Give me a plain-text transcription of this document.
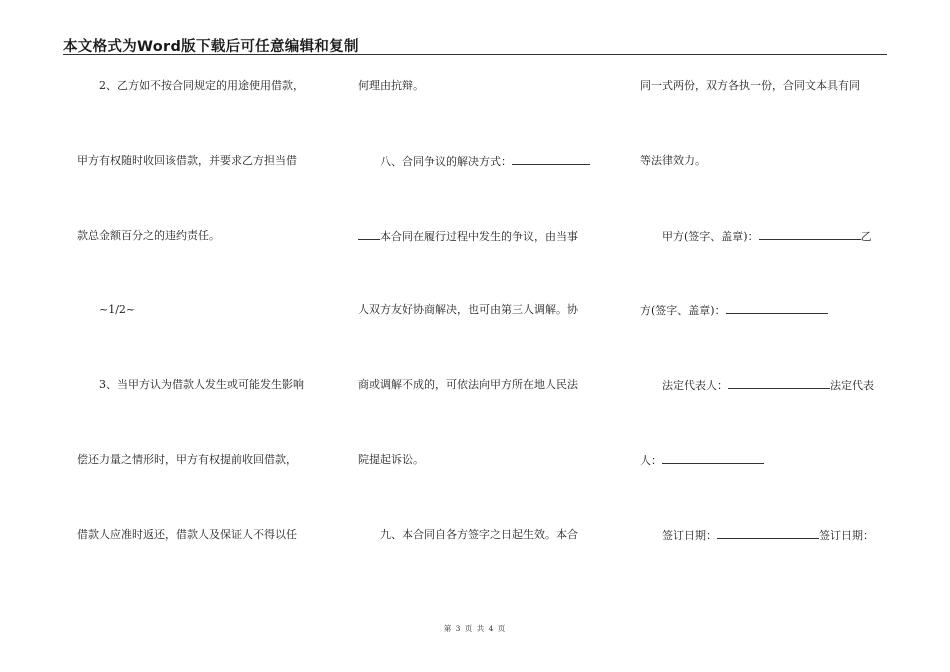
本文格式为Word版下载后可任意编辑和复制
2、乙方如不按合同规定的用途使用借款，
甲方有权随时收回该借款，并要求乙方担当借
款总金额百分之的违约责任。
~1/2~
3、当甲方认为借款人发生或可能发生影响
偿还力量之情形时，甲方有权提前收回借款，
借款人应准时返还，借款人及保证人不得以任
何理由抗辩。
八、合同争议的解决方式：
本合同在履行过程中发生的争议，由当事
人双方友好协商解决，也可由第三人调解。协
商或调解不成的，可依法向甲方所在地人民法
院提起诉讼。
九、本合同自各方签字之日起生效。本合
同一式两份，双方各执一份，合同文本具有同
等法律效力。
甲方(签字、盖章)：	乙
方(签字、盖章)：
法定代表人：	法定代表
人：
签订日期：	签订日期：
第 3 页 共 4 页
